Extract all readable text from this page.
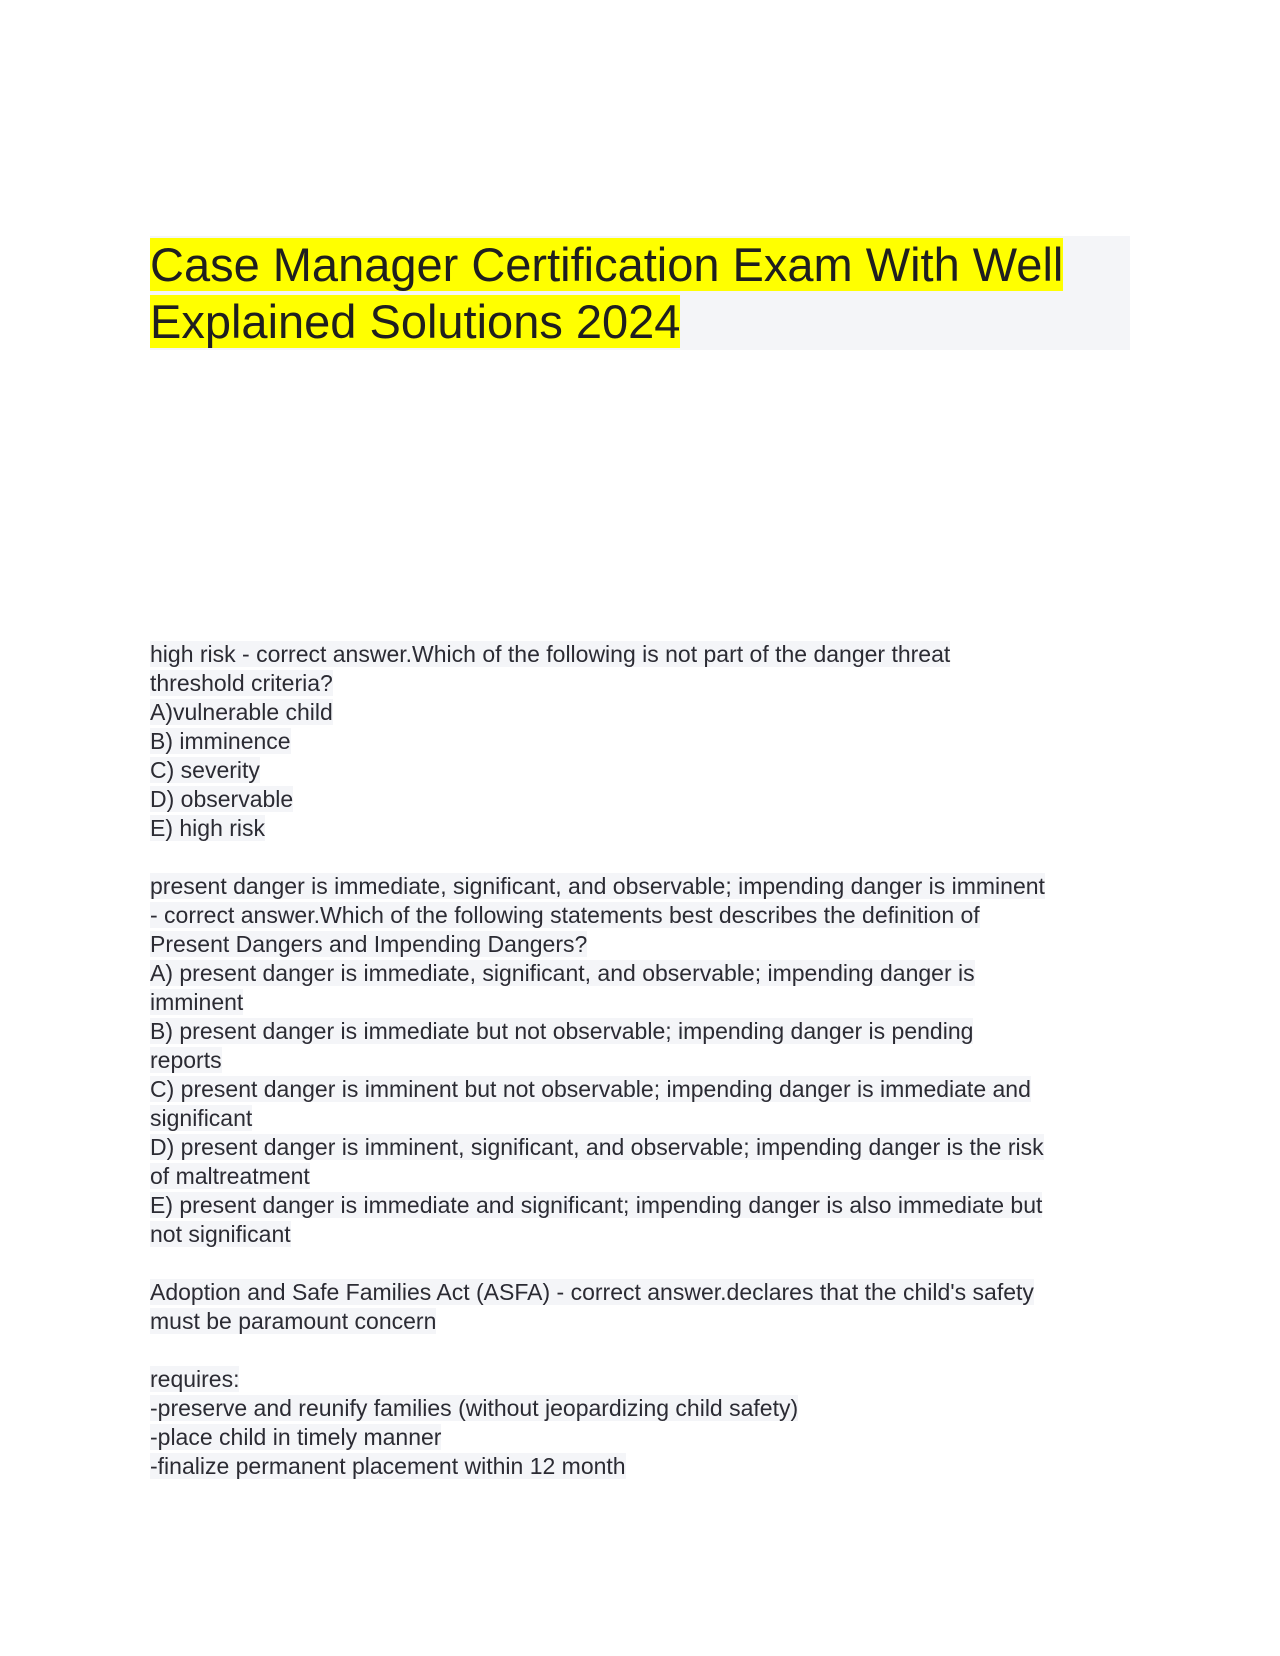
Case Manager Certification Exam With Well
Explained Solutions 2024
high risk - correct answer.Which of the following is not part of the danger threat
threshold criteria?
A)vulnerable child
B) imminence
C) severity
D) observable
E) high risk
present danger is immediate, significant, and observable; impending danger is imminent
- correct answer.Which of the following statements best describes the definition of
Present Dangers and Impending Dangers?
A) present danger is immediate, significant, and observable; impending danger is
imminent
B) present danger is immediate but not observable; impending danger is pending
reports
C) present danger is imminent but not observable; impending danger is immediate and
significant
D) present danger is imminent, significant, and observable; impending danger is the risk
of maltreatment
E) present danger is immediate and significant; impending danger is also immediate but
not significant
Adoption and Safe Families Act (ASFA) - correct answer.declares that the child's safety
must be paramount concern
requires:
-preserve and reunify families (without jeopardizing child safety)
-place child in timely manner
-finalize permanent placement within 12 month
